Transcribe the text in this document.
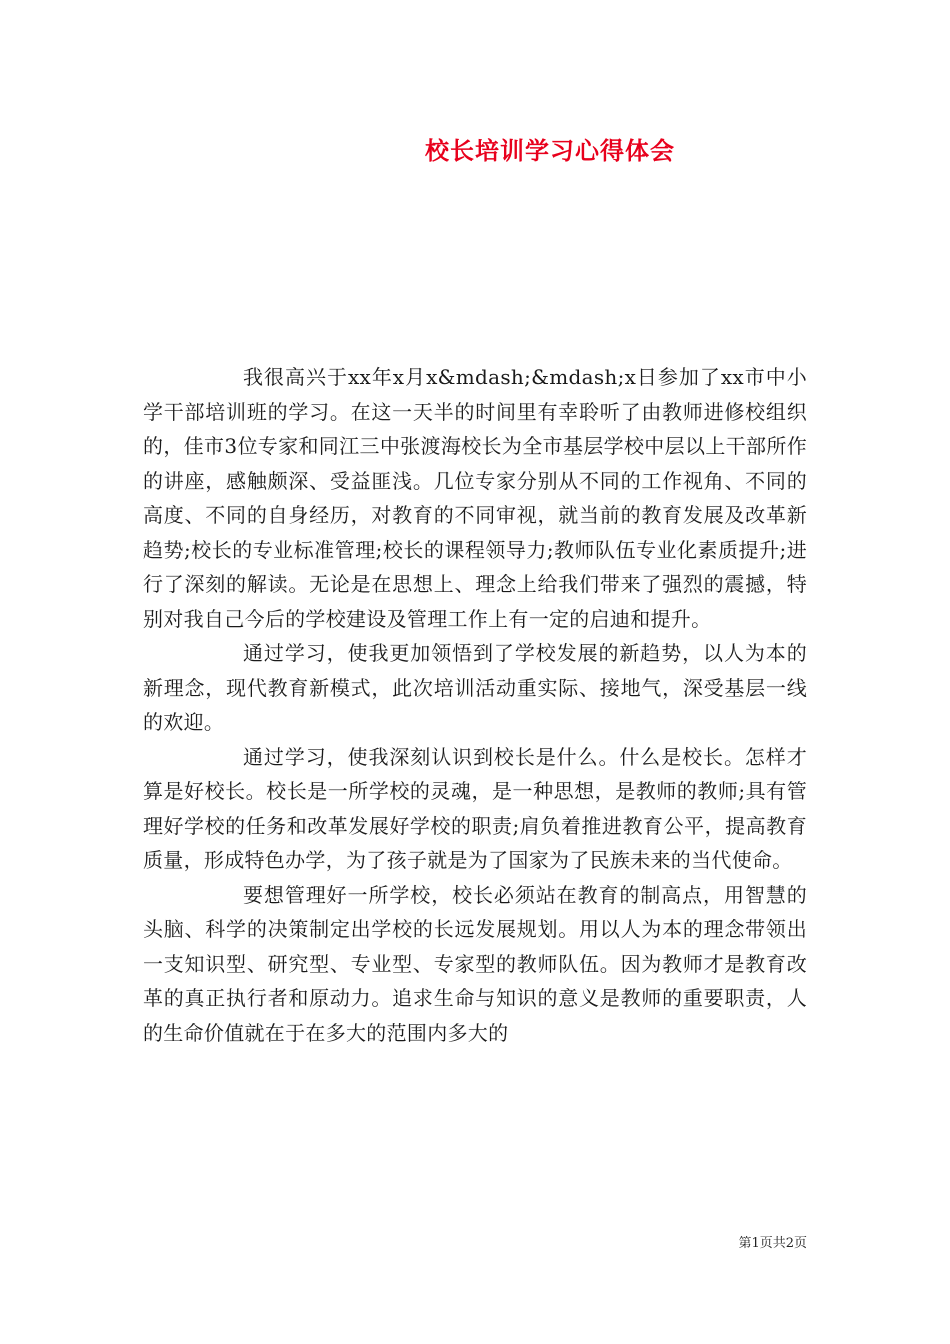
校长培训学习心得体会

我很高兴于xx年x月x&mdash;&mdash;x日参加了xx市中小学干部培训班的学习。在这一天半的时间里有幸聆听了由教师进修校组织的，佳市3位专家和同江三中张渡海校长为全市基层学校中层以上干部所作的讲座，感触颇深、受益匪浅。几位专家分别从不同的工作视角、不同的高度、不同的自身经历，对教育的不同审视，就当前的教育发展及改革新趋势;校长的专业标准管理;校长的课程领导力;教师队伍专业化素质提升;进行了深刻的解读。无论是在思想上、理念上给我们带来了强烈的震撼，特别对我自己今后的学校建设及管理工作上有一定的启迪和提升。

通过学习，使我更加领悟到了学校发展的新趋势，以人为本的新理念，现代教育新模式，此次培训活动重实际、接地气，深受基层一线的欢迎。

通过学习，使我深刻认识到校长是什么。什么是校长。怎样才算是好校长。校长是一所学校的灵魂，是一种思想，是教师的教师;具有管理好学校的任务和改革发展好学校的职责;肩负着推进教育公平，提高教育质量，形成特色办学，为了孩子就是为了国家为了民族未来的当代使命。

要想管理好一所学校，校长必须站在教育的制高点，用智慧的头脑、科学的决策制定出学校的长远发展规划。用以人为本的理念带领出一支知识型、研究型、专业型、专家型的教师队伍。因为教师才是教育改革的真正执行者和原动力。追求生命与知识的意义是教师的重要职责，人的生命价值就在于在多大的范围内多大的

第1页共2页
